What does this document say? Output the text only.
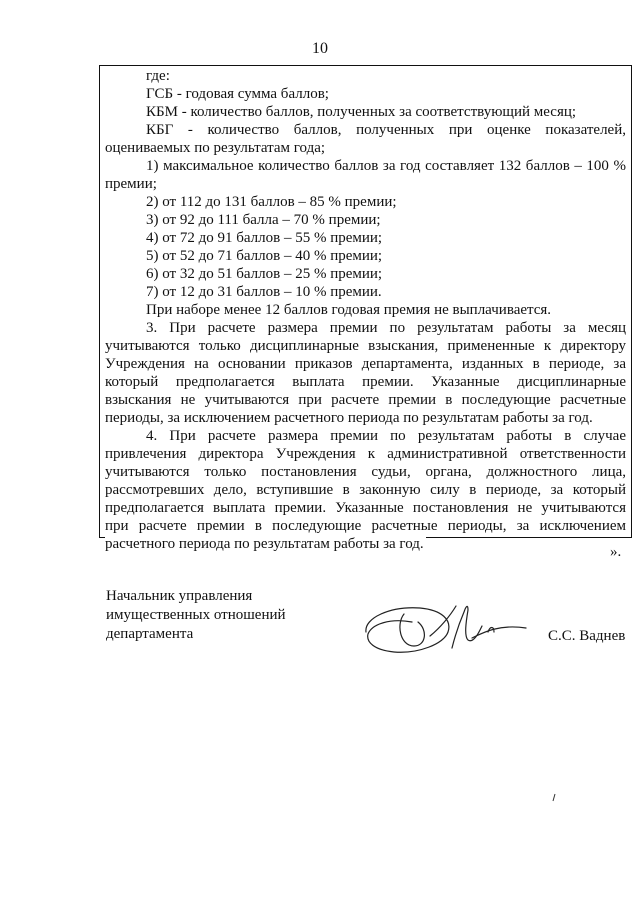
10
где:
ГСБ - годовая сумма баллов;
КБМ - количество баллов, полученных за соответствующий месяц;
КБГ - количество баллов, полученных при оценке показателей,
оцениваемых по результатам года;
1) максимальное количество баллов за год составляет 132 баллов – 100 %
премии;
2) от 112 до 131 баллов – 85 % премии;
3) от 92 до 111 балла – 70 % премии;
4) от 72 до 91 баллов – 55 % премии;
5) от 52 до 71 баллов – 40 % премии;
6) от 32 до 51 баллов – 25 % премии;
7) от 12 до 31 баллов – 10 % премии.
При наборе менее 12 баллов годовая премия не выплачивается.
3. При расчете размера премии по результатам работы за месяц
учитываются только дисциплинарные взыскания, примененные к директору
Учреждения на основании приказов департамента, изданных в периоде, за
который предполагается выплата премии. Указанные дисциплинарные
взыскания не учитываются при расчете премии в последующие расчетные
периоды, за исключением расчетного периода по результатам работы за год.
4. При расчете размера премии по результатам работы в случае
привлечения директора Учреждения к административной ответственности
учитываются только постановления судьи, органа, должностного лица,
рассмотревших дело, вступившие в законную силу в периоде, за который
предполагается выплата премии. Указанные постановления не учитываются
при расчете премии в последующие расчетные периоды, за исключением
расчетного периода по результатам работы за год.	».
Начальник управления
имущественных отношений
департамента	С.С. Ваднев
